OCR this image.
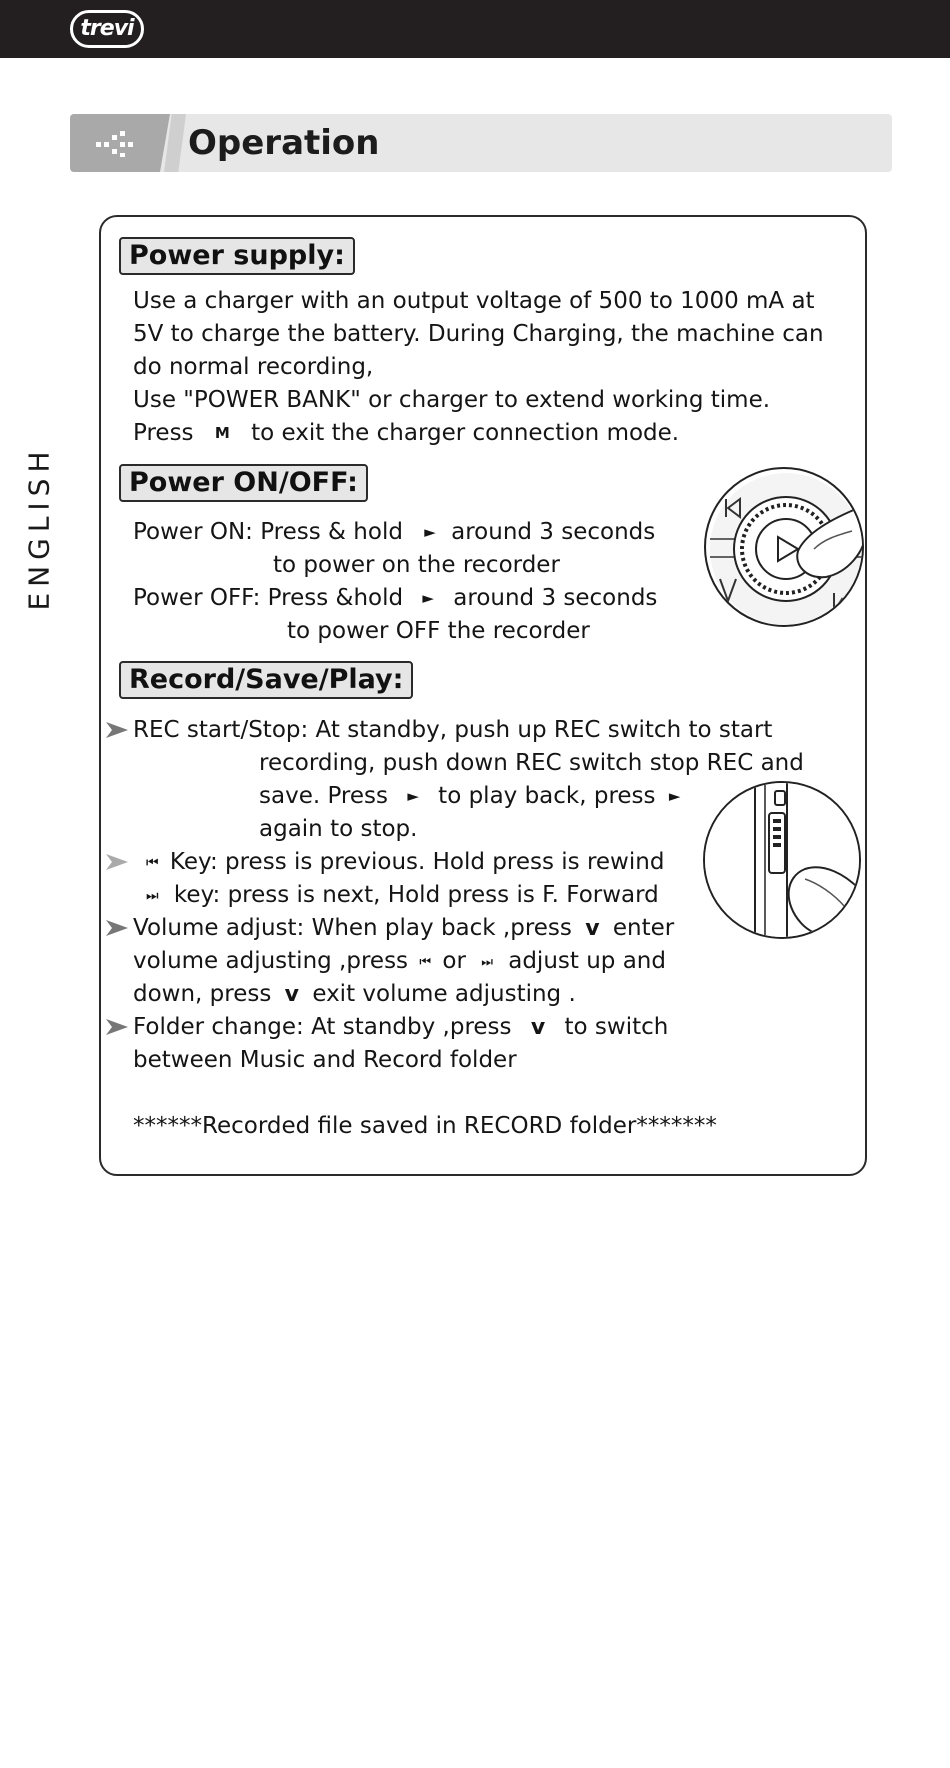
trevi
ENGLISH
Operation
Power supply:
Use a charger with an output voltage of 500 to 1000 mA at
5V to charge the battery. During Charging, the machine can
do normal recording,
Use "POWER BANK" or charger to extend working time.
Press M to exit the charger connection mode.
Power ON/OFF:
Power ON: Press & hold ► around 3 seconds
to power on the recorder
Power OFF: Press &hold ► around 3 seconds
to power OFF the recorder
Record/Save/Play:
REC start/Stop: At standby, push up REC switch to start
recording, push down REC switch stop REC and
save. Press ► to play back, press ►
again to stop.
⏮ Key: press is previous. Hold press is rewind
⏭ key: press is next, Hold press is F. Forward
Volume adjust: When play back ,press v enter
volume adjusting ,press ⏮ or ⏭ adjust up and
down, press v exit volume adjusting .
Folder change: At standby ,press v to switch
between Music and Record folder
******Recorded file saved in RECORD folder*******
